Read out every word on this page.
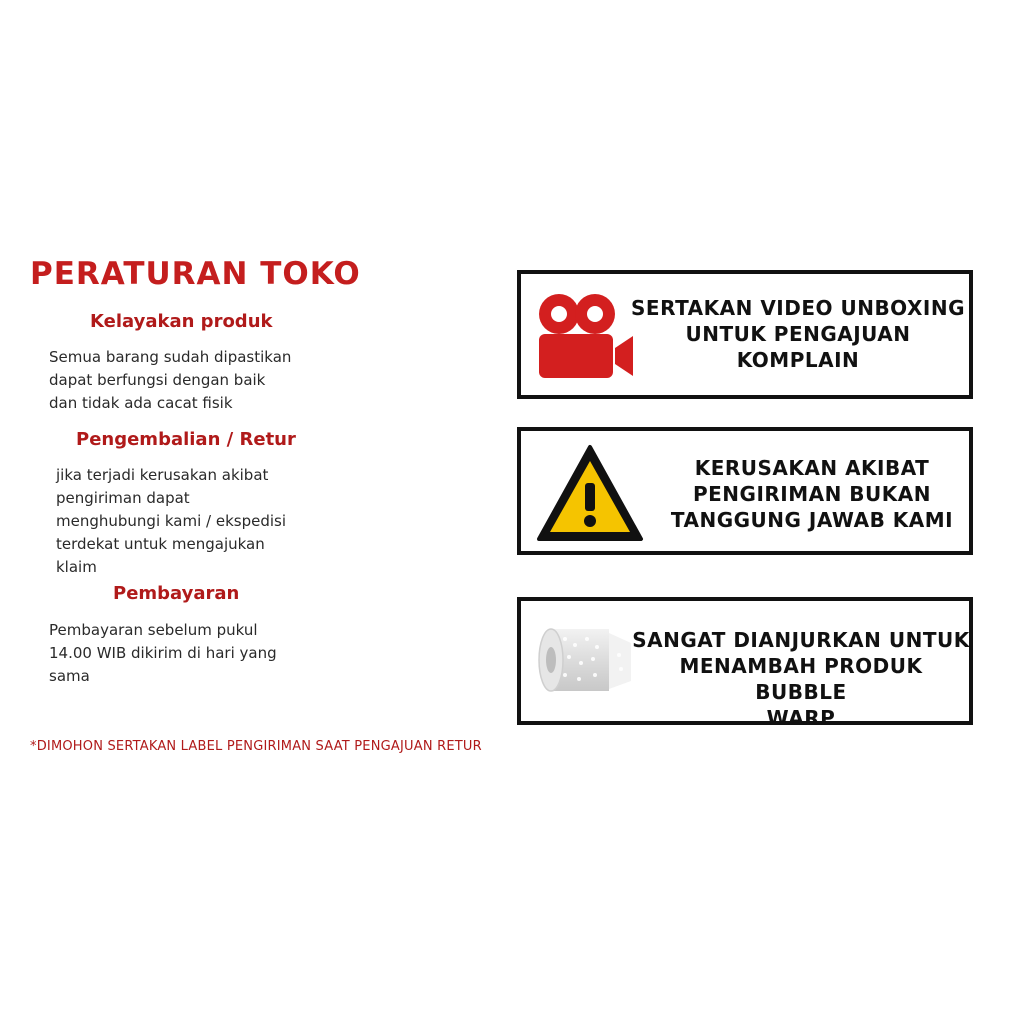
PERATURAN TOKO
Kelayakan produk
Semua barang sudah dipastikan
dapat berfungsi dengan baik
dan tidak ada cacat fisik
Pengembalian / Retur
jika terjadi kerusakan akibat
pengiriman dapat
menghubungi kami / ekspedisi
terdekat untuk mengajukan
klaim
Pembayaran
Pembayaran sebelum pukul
14.00 WIB dikirim di hari yang
sama

*DIMOHON SERTAKAN LABEL PENGIRIMAN SAAT PENGAJUAN RETUR

SERTAKAN VIDEO UNBOXING
UNTUK PENGAJUAN
KOMPLAIN
KERUSAKAN AKIBAT
PENGIRIMAN BUKAN
TANGGUNG JAWAB KAMI
SANGAT DIANJURKAN UNTUK
MENAMBAH PRODUK BUBBLE
WARP
